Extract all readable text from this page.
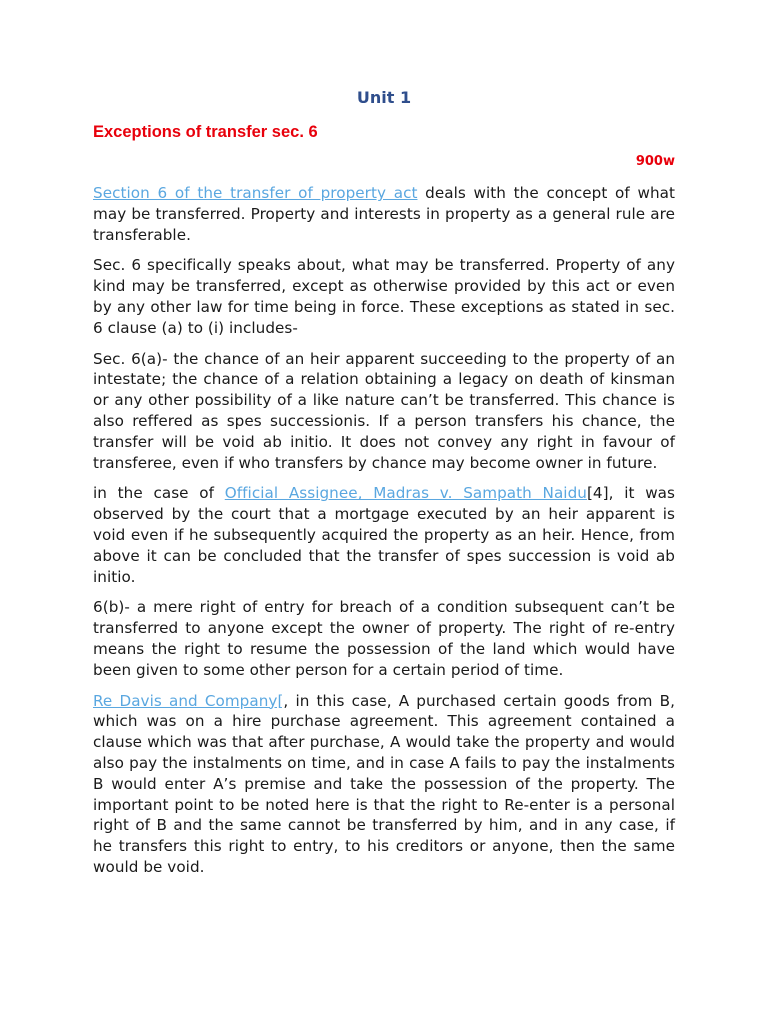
Unit 1
Exceptions of transfer sec. 6
900w

Section 6 of the transfer of property act deals with the concept of what may be transferred. Property and interests in property as a general rule are transferable.

Sec. 6 specifically speaks about, what may be transferred. Property of any kind may be transferred, except as otherwise provided by this act or even by any other law for time being in force. These exceptions as stated in sec. 6 clause (a) to (i) includes-

Sec. 6(a)- the chance of an heir apparent succeeding to the property of an intestate; the chance of a relation obtaining a legacy on death of kinsman or any other possibility of a like nature can’t be transferred. This chance is also reffered as spes successionis. If a person transfers his chance, the transfer will be void ab initio. It does not convey any right in favour of transferee, even if who transfers by chance may become owner in future.

in the case of Official Assignee, Madras v. Sampath Naidu[4], it was observed by the court that a mortgage executed by an heir apparent is void even if he subsequently acquired the property as an heir. Hence, from above it can be concluded that the transfer of spes succession is void ab initio.

6(b)- a mere right of entry for breach of a condition subsequent can’t be transferred to anyone except the owner of property. The right of re-entry means the right to resume the possession of the land which would have been given to some other person for a certain period of time.

Re Davis and Company[, in this case, A purchased certain goods from B, which was on a hire purchase agreement. This agreement contained a clause which was that after purchase, A would take the property and would also pay the instalments on time, and in case A fails to pay the instalments B would enter A’s premise and take the possession of the property. The important point to be noted here is that the right to Re-enter is a personal right of B and the same cannot be transferred by him, and in any case, if he transfers this right to entry, to his creditors or anyone, then the same would be void.
